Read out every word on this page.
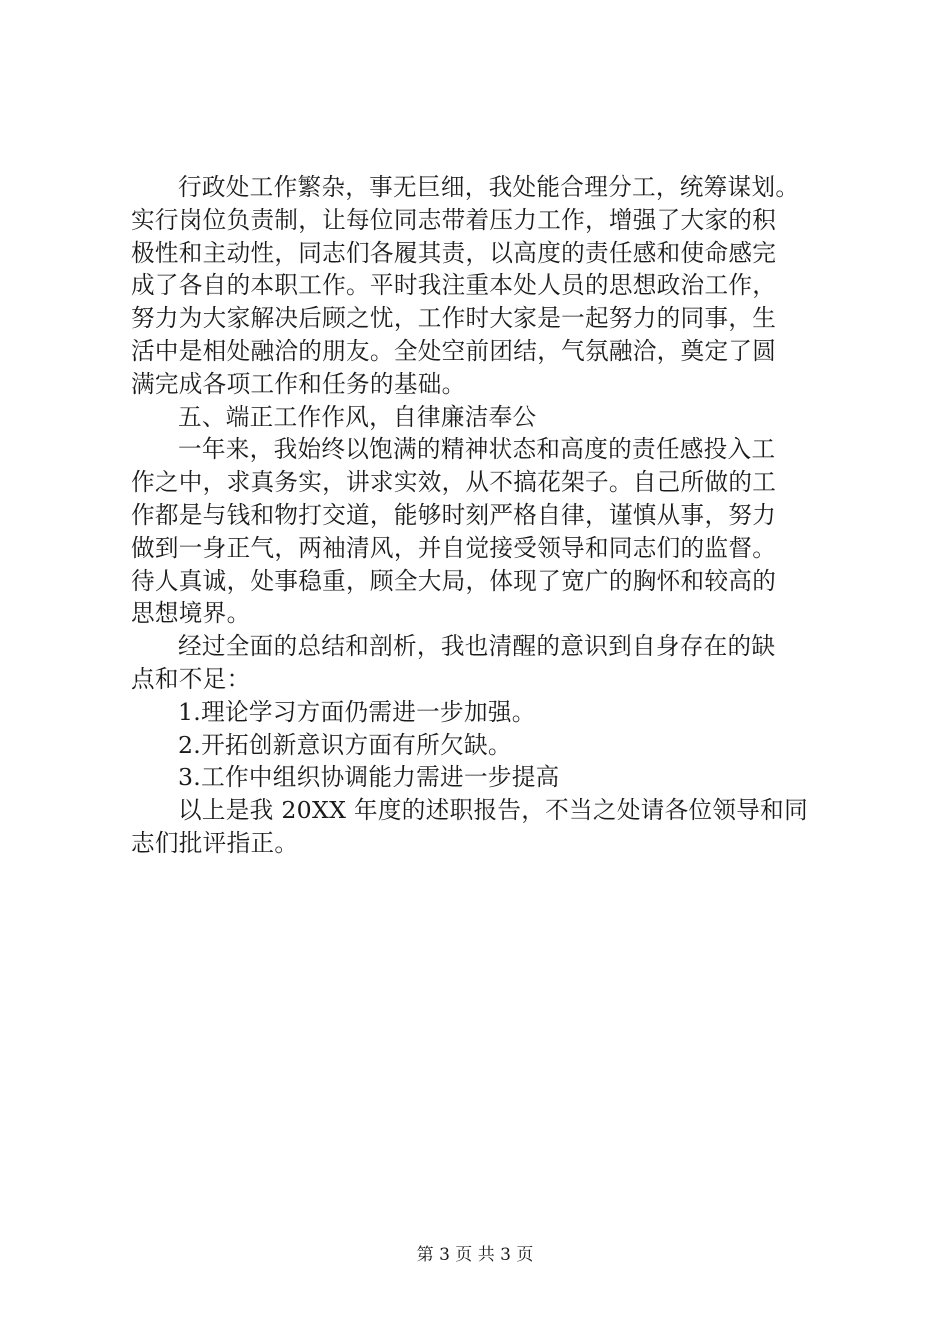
行政处工作繁杂，事无巨细，我处能合理分工，统筹谋划。
实行岗位负责制，让每位同志带着压力工作，增强了大家的积
极性和主动性，同志们各履其责，以高度的责任感和使命感完
成了各自的本职工作。平时我注重本处人员的思想政治工作，
努力为大家解决后顾之忧，工作时大家是一起努力的同事，生
活中是相处融洽的朋友。全处空前团结，气氛融洽，奠定了圆
满完成各项工作和任务的基础。
五、端正工作作风，自律廉洁奉公
一年来，我始终以饱满的精神状态和高度的责任感投入工
作之中，求真务实，讲求实效，从不搞花架子。自己所做的工
作都是与钱和物打交道，能够时刻严格自律，谨慎从事，努力
做到一身正气，两袖清风，并自觉接受领导和同志们的监督。
待人真诚，处事稳重，顾全大局，体现了宽广的胸怀和较高的
思想境界。
经过全面的总结和剖析，我也清醒的意识到自身存在的缺
点和不足：
1.理论学习方面仍需进一步加强。
2.开拓创新意识方面有所欠缺。
3.工作中组织协调能力需进一步提高
以上是我 20XX 年度的述职报告，不当之处请各位领导和同
志们批评指正。
第 3 页 共 3 页
